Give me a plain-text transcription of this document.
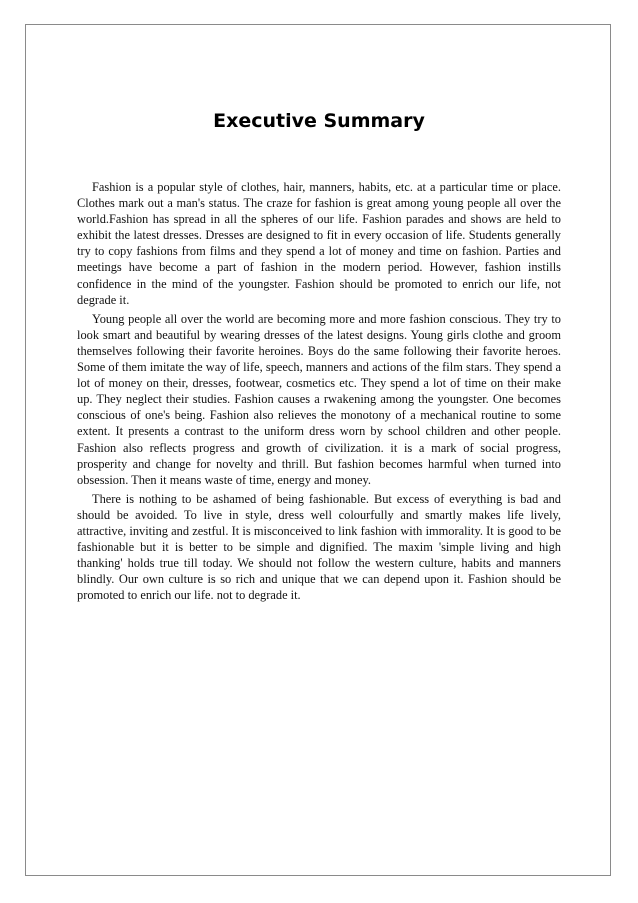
Executive Summary

Fashion is a popular style of clothes, hair, manners, habits, etc. at a particular time or place. Clothes mark out a man's status. The craze for fashion is great among young people all over the world.Fashion has spread in all the spheres of our life. Fashion parades and shows are held to exhibit the latest dresses. Dresses are designed to fit in every occasion of life. Students generally try to copy fashions from films and they spend a lot of money and time on fashion. Parties and meetings have become a part of fashion in the modern period. However, fashion instills confidence in the mind of the youngster. Fashion should be promoted to enrich our life, not degrade it.

Young people all over the world are becoming more and more fashion conscious. They try to look smart and beautiful by wearing dresses of the latest designs. Young girls clothe and groom themselves following their favorite heroines. Boys do the same following their favorite heroes. Some of them imitate the way of life, speech, manners and actions of the film stars. They spend a lot of money on their, dresses, footwear, cosmetics etc. They spend a lot of time on their make up. They neglect their studies. Fashion causes a rwakening among the youngster. One becomes conscious of one's being. Fashion also relieves the monotony of a mechanical routine to some extent. It presents a contrast to the uniform dress worn by school children and other people. Fashion also reflects progress and growth of civilization. it is a mark of social progress, prosperity and change for novelty and thrill. But fashion becomes harmful when turned into obsession. Then it means waste of time, energy and money.

There is nothing to be ashamed of being fashionable. But excess of everything is bad and should be avoided. To live in style, dress well colourfully and smartly makes life lively, attractive, inviting and zestful. It is misconceived to link fashion with immorality. It is good to be fashionable but it is better to be simple and dignified. The maxim 'simple living and high thanking' holds true till today. We should not follow the western culture, habits and manners blindly. Our own culture is so rich and unique that we can depend upon it. Fashion should be promoted to enrich our life. not to degrade it.
